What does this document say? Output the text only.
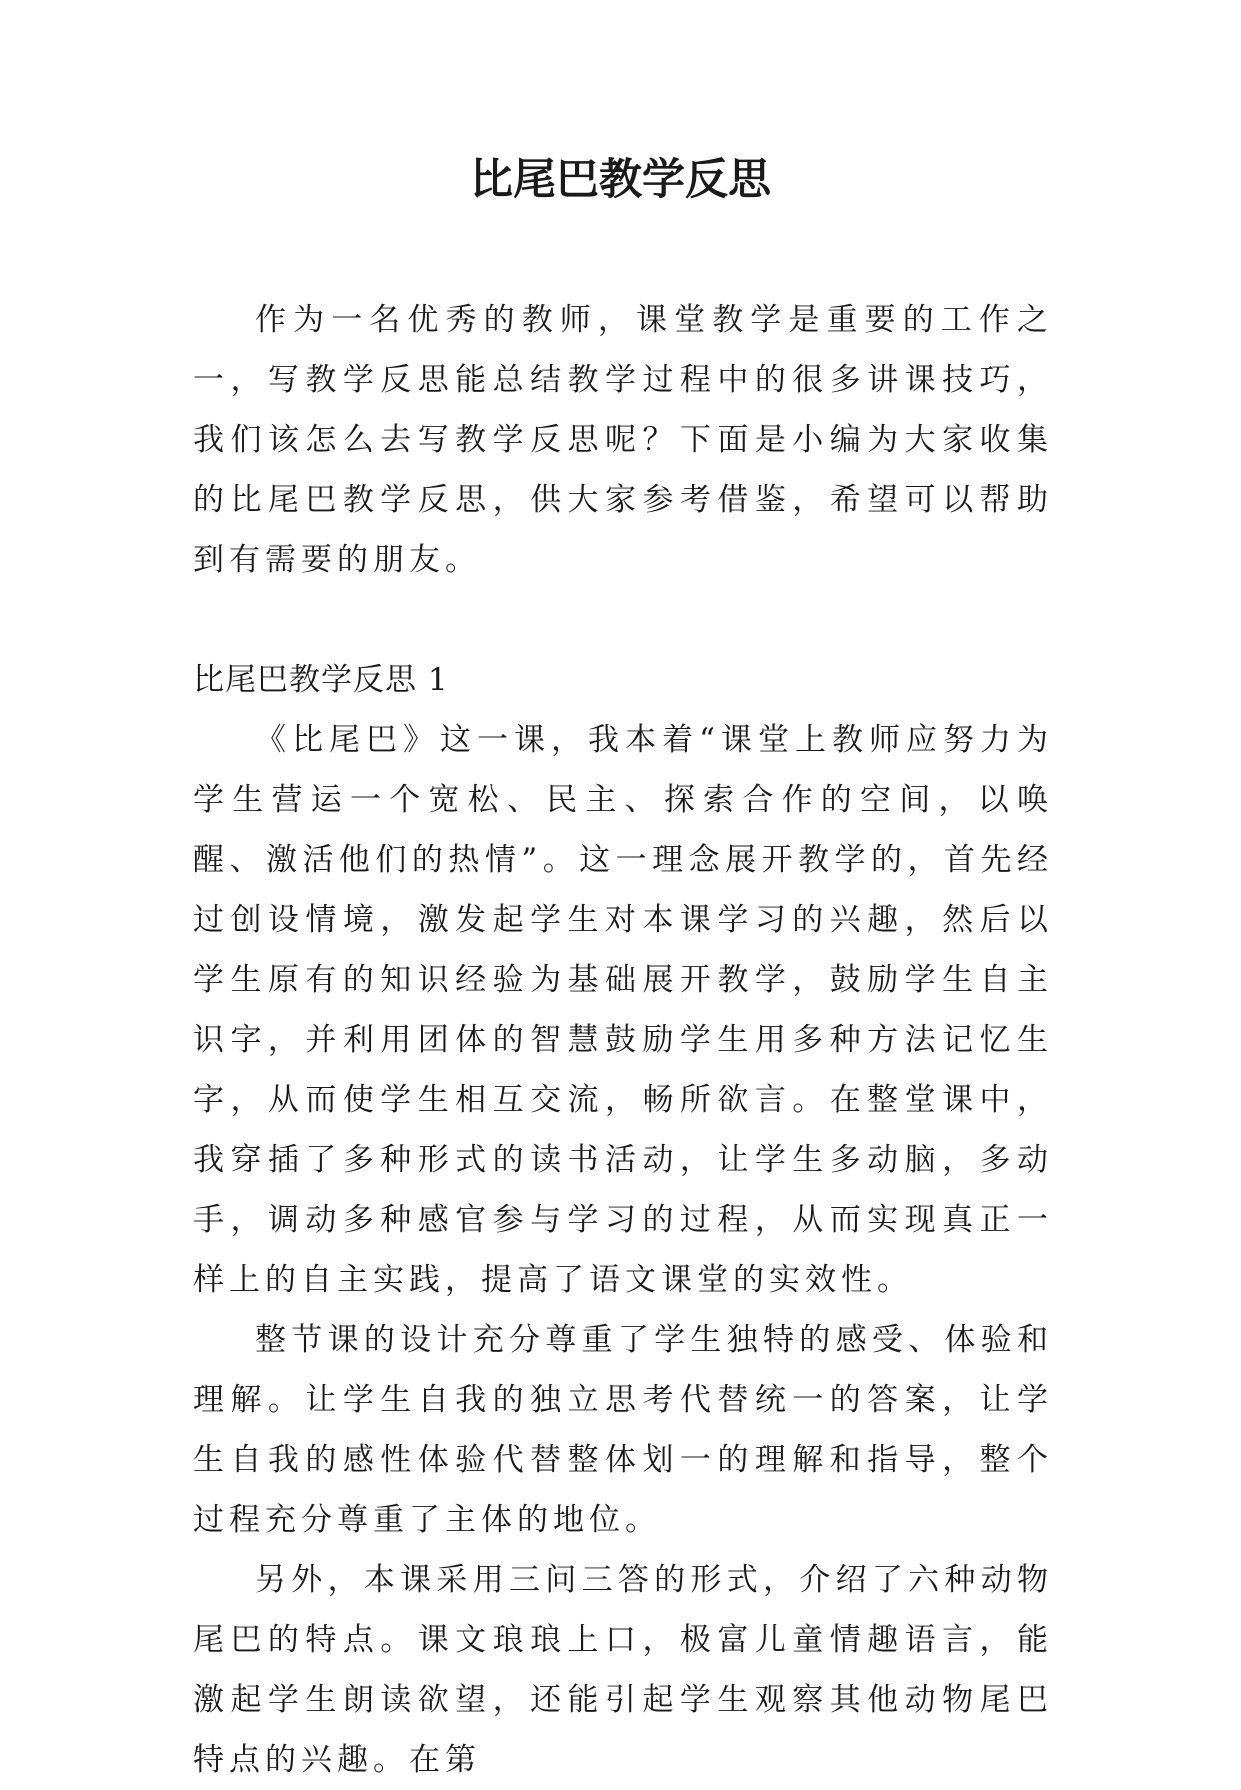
比尾巴教学反思

作为一名优秀的教师，课堂教学是重要的工作之一，写教学反思能总结教学过程中的很多讲课技巧，我们该怎么去写教学反思呢？下面是小编为大家收集的比尾巴教学反思，供大家参考借鉴，希望可以帮助到有需要的朋友。

比尾巴教学反思 1

《比尾巴》这一课，我本着“课堂上教师应努力为学生营运一个宽松、民主、探索合作的空间，以唤醒、激活他们的热情”。这一理念展开教学的，首先经过创设情境，激发起学生对本课学习的兴趣，然后以学生原有的知识经验为基础展开教学，鼓励学生自主识字，并利用团体的智慧鼓励学生用多种方法记忆生字，从而使学生相互交流，畅所欲言。在整堂课中，我穿插了多种形式的读书活动，让学生多动脑，多动手，调动多种感官参与学习的过程，从而实现真正一样上的自主实践，提高了语文课堂的实效性。

整节课的设计充分尊重了学生独特的感受、体验和理解。让学生自我的独立思考代替统一的答案，让学生自我的感性体验代替整体划一的理解和指导，整个过程充分尊重了主体的地位。

另外，本课采用三问三答的形式，介绍了六种动物尾巴的特点。课文琅琅上口，极富儿童情趣语言，能激起学生朗读欲望，还能引起学生观察其他动物尾巴特点的兴趣。在第
